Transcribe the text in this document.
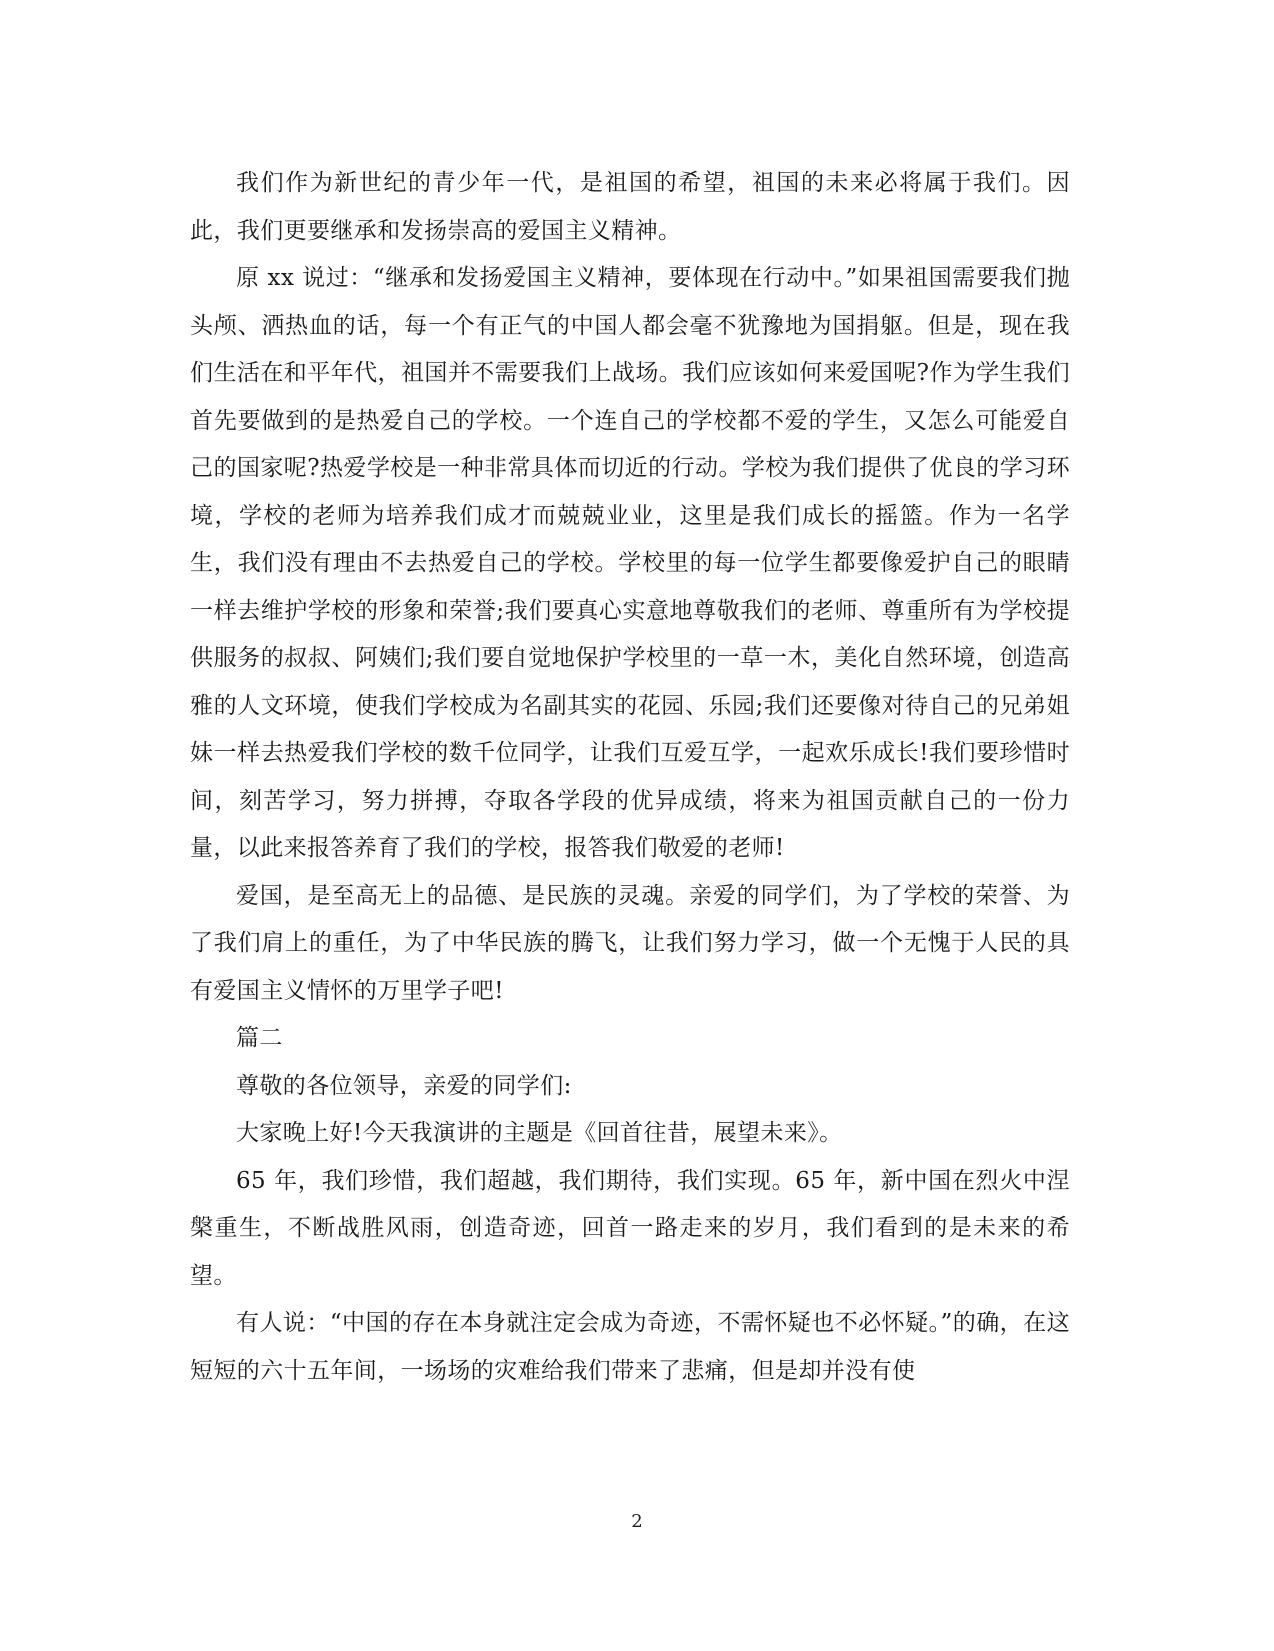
我们作为新世纪的青少年一代，是祖国的希望，祖国的未来必将属于我们。因此，我们更要继承和发扬崇高的爱国主义精神。

原 xx 说过：“继承和发扬爱国主义精神，要体现在行动中。”如果祖国需要我们抛头颅、洒热血的话，每一个有正气的中国人都会毫不犹豫地为国捐躯。但是，现在我们生活在和平年代，祖国并不需要我们上战场。我们应该如何来爱国呢?作为学生我们首先要做到的是热爱自己的学校。一个连自己的学校都不爱的学生，又怎么可能爱自己的国家呢?热爱学校是一种非常具体而切近的行动。学校为我们提供了优良的学习环境，学校的老师为培养我们成才而兢兢业业，这里是我们成长的摇篮。作为一名学生，我们没有理由不去热爱自己的学校。学校里的每一位学生都要像爱护自己的眼睛一样去维护学校的形象和荣誉;我们要真心实意地尊敬我们的老师、尊重所有为学校提供服务的叔叔、阿姨们;我们要自觉地保护学校里的一草一木，美化自然环境，创造高雅的人文环境，使我们学校成为名副其实的花园、乐园;我们还要像对待自己的兄弟姐妹一样去热爱我们学校的数千位同学，让我们互爱互学，一起欢乐成长!我们要珍惜时间，刻苦学习，努力拼搏，夺取各学段的优异成绩，将来为祖国贡献自己的一份力量，以此来报答养育了我们的学校，报答我们敬爱的老师!

爱国，是至高无上的品德、是民族的灵魂。亲爱的同学们，为了学校的荣誉、为了我们肩上的重任，为了中华民族的腾飞，让我们努力学习，做一个无愧于人民的具有爱国主义情怀的万里学子吧!

篇二

尊敬的各位领导，亲爱的同学们:

大家晚上好!今天我演讲的主题是《回首往昔，展望未来》。

65 年，我们珍惜，我们超越，我们期待，我们实现。65 年，新中国在烈火中涅槃重生，不断战胜风雨，创造奇迹，回首一路走来的岁月，我们看到的是未来的希望。

有人说：“中国的存在本身就注定会成为奇迹，不需怀疑也不必怀疑。”的确，在这短短的六十五年间，一场场的灾难给我们带来了悲痛，但是却并没有使

2
